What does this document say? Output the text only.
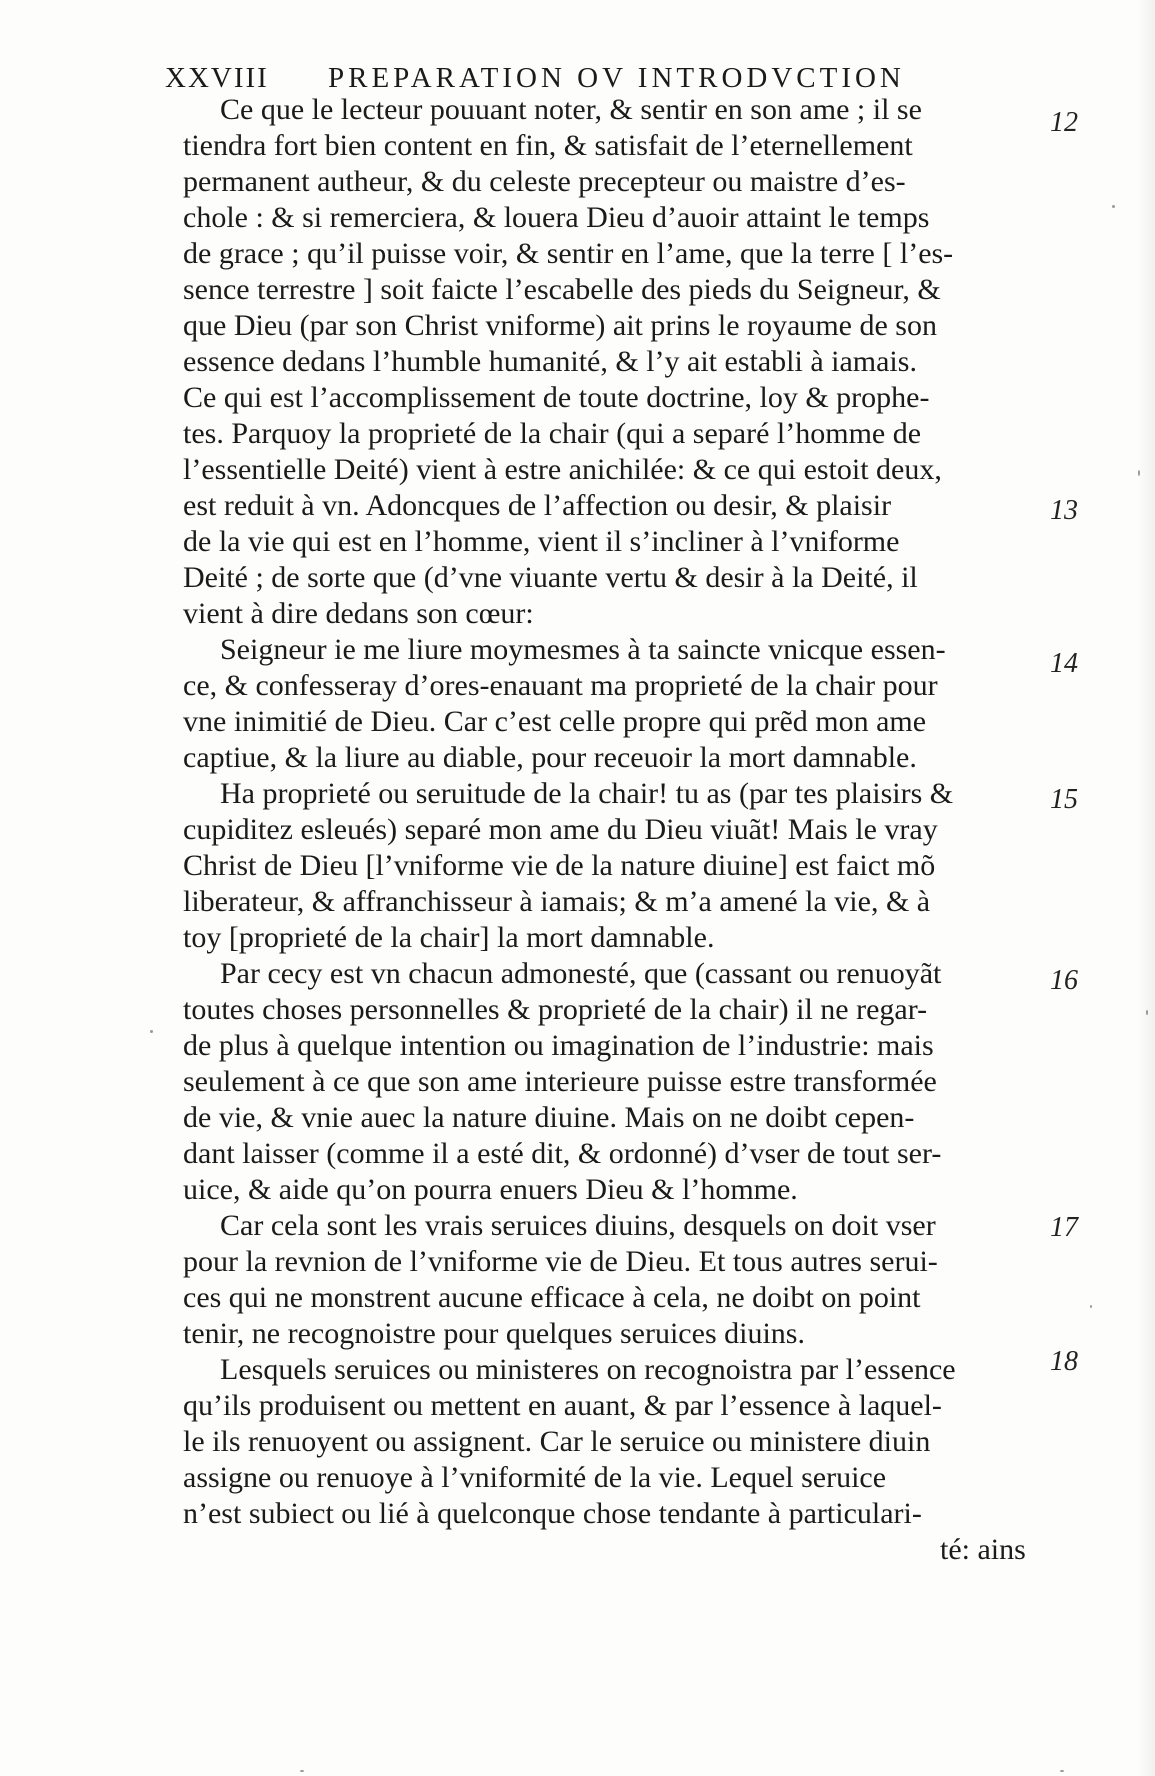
XXVIII PREPARATION OV INTRODVCTION
Ce que le lecteur pouuant noter, & sentir en son ame ; il se
tiendra fort bien content en fin, & satisfait de l’eternellement
permanent autheur, & du celeste precepteur ou maistre d’es-
chole : & si remerciera, & louera Dieu d’auoir attaint le temps
de grace ; qu’il puisse voir, & sentir en l’ame, que la terre [ l’es-
sence terrestre ] soit faicte l’escabelle des pieds du Seigneur, &
que Dieu (par son Christ vniforme) ait prins le royaume de son
essence dedans l’humble humanité, & l’y ait establi à iamais.
Ce qui est l’accomplissement de toute doctrine, loy & prophe-
tes. Parquoy la proprieté de la chair (qui a separé l’homme de
l’essentielle Deité) vient à estre anichilée: & ce qui estoit deux,
est reduit à vn. Adoncques de l’affection ou desir, & plaisir
de la vie qui est en l’homme, vient il s’incliner à l’vniforme
Deité ; de sorte que (d’vne viuante vertu & desir à la Deité, il
vient à dire dedans son cœur:
Seigneur ie me liure moymesmes à ta saincte vnicque essen-
ce, & confesseray d’ores-enauant ma proprieté de la chair pour
vne inimitié de Dieu. Car c’est celle propre qui prẽd mon ame
captiue, & la liure au diable, pour receuoir la mort damnable.
Ha proprieté ou seruitude de la chair! tu as (par tes plaisirs &
cupiditez esleués) separé mon ame du Dieu viuãt! Mais le vray
Christ de Dieu [l’vniforme vie de la nature diuine] est faict mõ
liberateur, & affranchisseur à iamais; & m’a amené la vie, & à
toy [proprieté de la chair] la mort damnable.
Par cecy est vn chacun admonesté, que (cassant ou renuoyãt
toutes choses personnelles & proprieté de la chair) il ne regar-
de plus à quelque intention ou imagination de l’industrie: mais
seulement à ce que son ame interieure puisse estre transformée
de vie, & vnie auec la nature diuine. Mais on ne doibt cepen-
dant laisser (comme il a esté dit, & ordonné) d’vser de tout ser-
uice, & aide qu’on pourra enuers Dieu & l’homme.
Car cela sont les vrais seruices diuins, desquels on doit vser
pour la revnion de l’vniforme vie de Dieu. Et tous autres serui-
ces qui ne monstrent aucune efficace à cela, ne doibt on point
tenir, ne recognoistre pour quelques seruices diuins.
Lesquels seruices ou ministeres on recognoistra par l’essence
qu’ils produisent ou mettent en auant, & par l’essence à laquel-
le ils renuoyent ou assignent. Car le seruice ou ministere diuin
assigne ou renuoye à l’vniformité de la vie. Lequel seruice
n’est subiect ou lié à quelconque chose tendante à particulari-
té: ains
12
13
14
15
16
17
18
